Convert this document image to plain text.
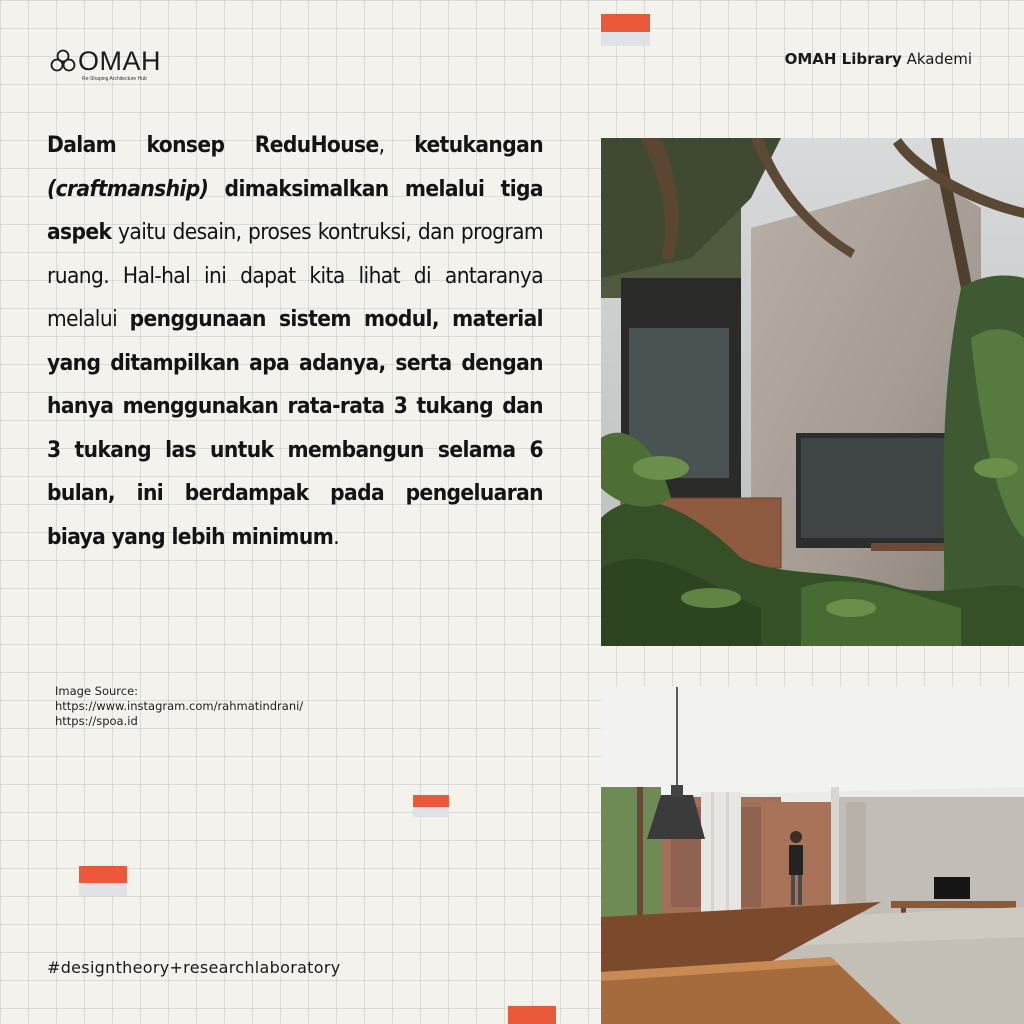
OMAH
Re-Shaping Architecture Hub
OMAH Library Akademi
Dalam konsep ReduHouse, ketukangan (craftmanship) dimaksimalkan melalui tiga aspek yaitu desain, proses kontruksi, dan program ruang. Hal-hal ini dapat kita lihat di antaranya melalui penggunaan sistem modul, material yang ditampilkan apa adanya, serta dengan hanya menggunakan rata-rata 3 tukang dan 3 tukang las untuk membangun selama 6 bulan, ini berdampak pada pengeluaran biaya yang lebih minimum.
Image Source:
https://www.instagram.com/rahmatindrani/
https://spoa.id
#designtheory+researchlaboratory
